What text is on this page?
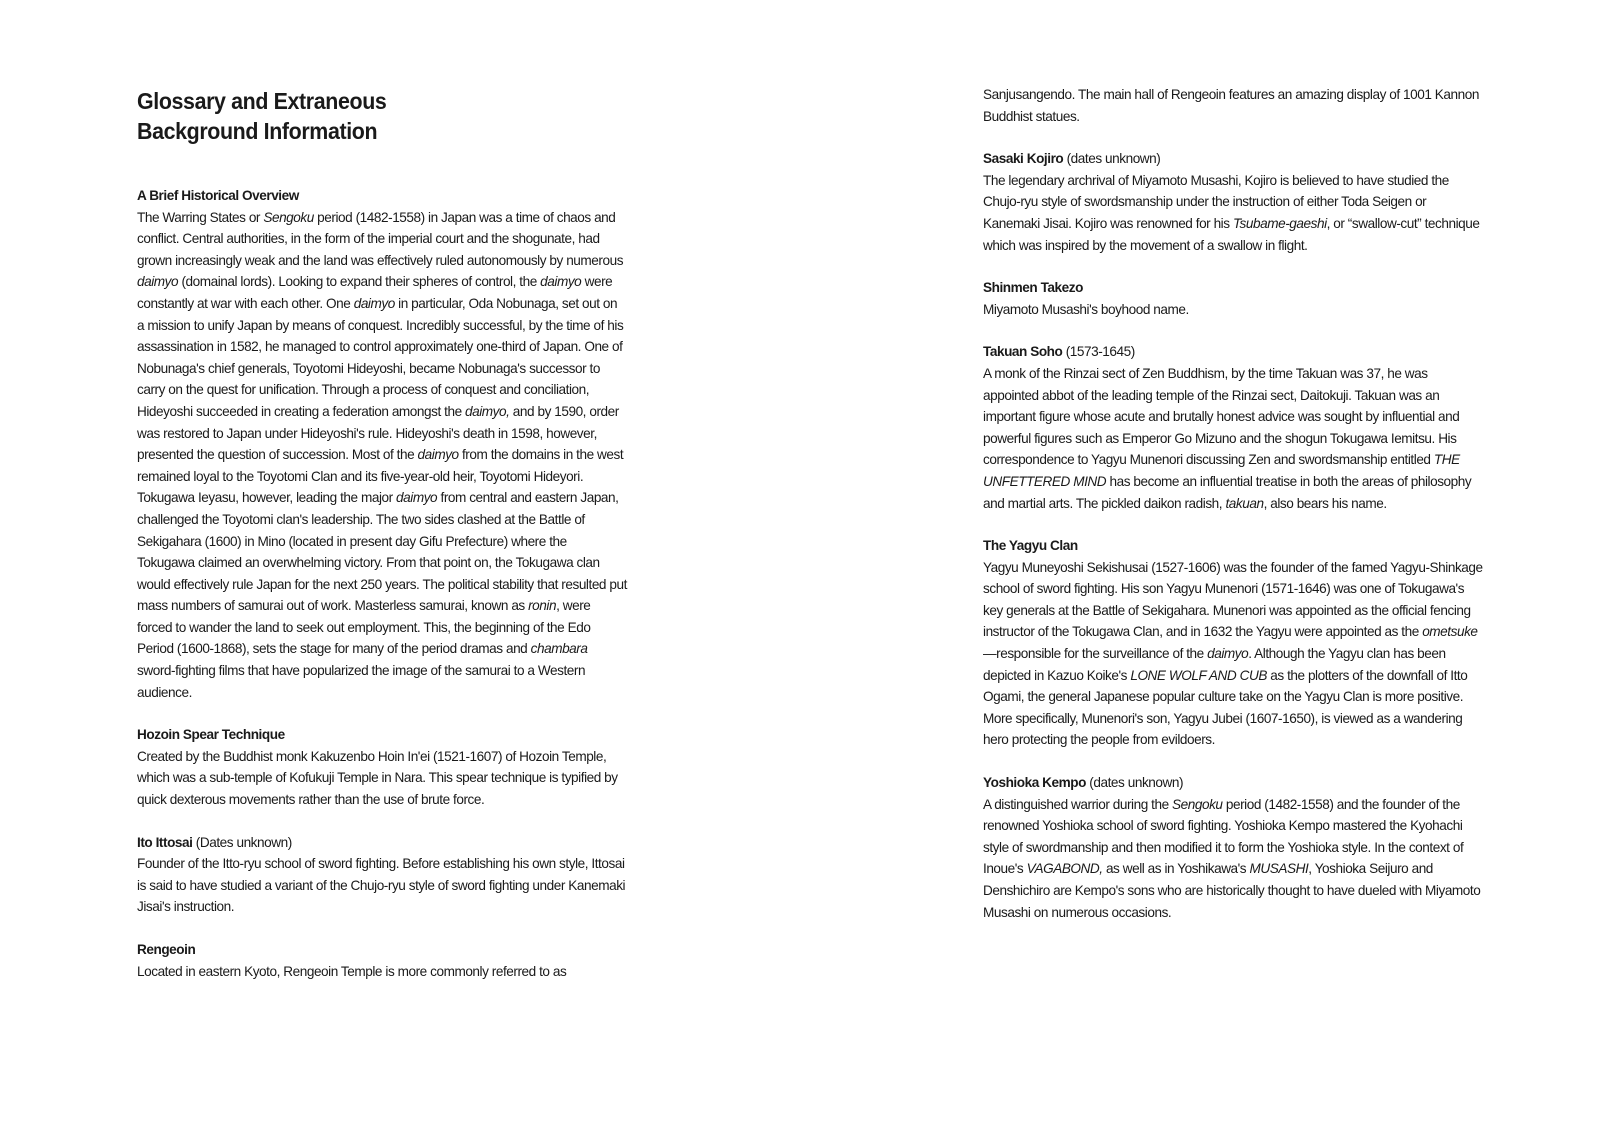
Glossary and Extraneous Background Information
A Brief Historical Overview
The Warring States or Sengoku period (1482-1558) in Japan was a time of chaos and conflict. Central authorities, in the form of the imperial court and the shogunate, had grown increasingly weak and the land was effectively ruled autonomously by numerous daimyo (domainal lords). Looking to expand their spheres of control, the daimyo were constantly at war with each other. One daimyo in particular, Oda Nobunaga, set out on a mission to unify Japan by means of conquest. Incredibly successful, by the time of his assassination in 1582, he managed to control approximately one-third of Japan. One of Nobunaga's chief generals, Toyotomi Hideyoshi, became Nobunaga's successor to carry on the quest for unification. Through a process of conquest and conciliation, Hideyoshi succeeded in creating a federation amongst the daimyo, and by 1590, order was restored to Japan under Hideyoshi's rule. Hideyoshi's death in 1598, however, presented the question of succession. Most of the daimyo from the domains in the west remained loyal to the Toyotomi Clan and its five-year-old heir, Toyotomi Hideyori. Tokugawa Ieyasu, however, leading the major daimyo from central and eastern Japan, challenged the Toyotomi clan's leadership. The two sides clashed at the Battle of Sekigahara (1600) in Mino (located in present day Gifu Prefecture) where the Tokugawa claimed an overwhelming victory. From that point on, the Tokugawa clan would effectively rule Japan for the next 250 years. The political stability that resulted put mass numbers of samurai out of work. Masterless samurai, known as ronin, were forced to wander the land to seek out employment. This, the beginning of the Edo Period (1600-1868), sets the stage for many of the period dramas and chambara sword-fighting films that have popularized the image of the samurai to a Western audience.
Hozoin Spear Technique
Created by the Buddhist monk Kakuzenbo Hoin In'ei (1521-1607) of Hozoin Temple, which was a sub-temple of Kofukuji Temple in Nara. This spear technique is typified by quick dexterous movements rather than the use of brute force.
Ito Ittosai (Dates unknown)
Founder of the Itto-ryu school of sword fighting. Before establishing his own style, Ittosai is said to have studied a variant of the Chujo-ryu style of sword fighting under Kanemaki Jisai's instruction.
Rengeoin
Located in eastern Kyoto, Rengeoin Temple is more commonly referred to as
Sanjusangendo. The main hall of Rengeoin features an amazing display of 1001 Kannon Buddhist statues.
Sasaki Kojiro (dates unknown)
The legendary archrival of Miyamoto Musashi, Kojiro is believed to have studied the Chujo-ryu style of swordsmanship under the instruction of either Toda Seigen or Kanemaki Jisai. Kojiro was renowned for his Tsubame-gaeshi, or “swallow-cut” technique which was inspired by the movement of a swallow in flight.
Shinmen Takezo
Miyamoto Musashi's boyhood name.
Takuan Soho (1573-1645)
A monk of the Rinzai sect of Zen Buddhism, by the time Takuan was 37, he was appointed abbot of the leading temple of the Rinzai sect, Daitokuji. Takuan was an important figure whose acute and brutally honest advice was sought by influential and powerful figures such as Emperor Go Mizuno and the shogun Tokugawa Iemitsu. His correspondence to Yagyu Munenori discussing Zen and swordsmanship entitled THE UNFETTERED MIND has become an influential treatise in both the areas of philosophy and martial arts. The pickled daikon radish, takuan, also bears his name.
The Yagyu Clan
Yagyu Muneyoshi Sekishusai (1527-1606) was the founder of the famed Yagyu-Shinkage school of sword fighting. His son Yagyu Munenori (1571-1646) was one of Tokugawa's key generals at the Battle of Sekigahara. Munenori was appointed as the official fencing instructor of the Tokugawa Clan, and in 1632 the Yagyu were appointed as the ometsuke—responsible for the surveillance of the daimyo. Although the Yagyu clan has been depicted in Kazuo Koike's LONE WOLF AND CUB as the plotters of the downfall of Itto Ogami, the general Japanese popular culture take on the Yagyu Clan is more positive. More specifically, Munenori's son, Yagyu Jubei (1607-1650), is viewed as a wandering hero protecting the people from evildoers.
Yoshioka Kempo (dates unknown)
A distinguished warrior during the Sengoku period (1482-1558) and the founder of the renowned Yoshioka school of sword fighting. Yoshioka Kempo mastered the Kyohachi style of swordmanship and then modified it to form the Yoshioka style. In the context of Inoue's VAGABOND, as well as in Yoshikawa's MUSASHI, Yoshioka Seijuro and Denshichiro are Kempo's sons who are historically thought to have dueled with Miyamoto Musashi on numerous occasions.
